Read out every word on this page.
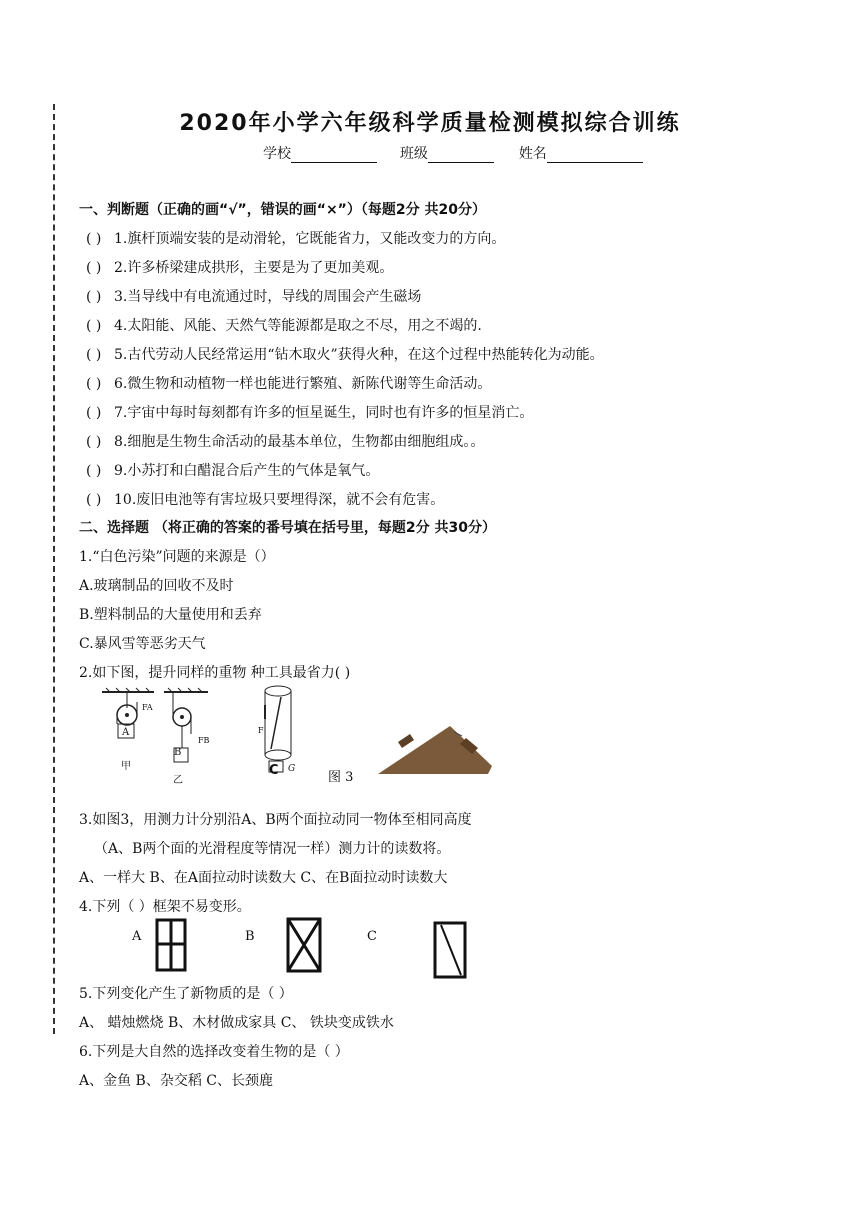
2020年小学六年级科学质量检测模拟综合训练
学校	班级	姓名
一、判断题（正确的画“√”，错误的画“×”）（每题2分 共20分）
( ) 1.旗杆顶端安装的是动滑轮，它既能省力，又能改变力的方向。
( ) 2.许多桥梁建成拱形，主要是为了更加美观。
( ) 3.当导线中有电流通过时，导线的周围会产生磁场
( ) 4.太阳能、风能、天然气等能源都是取之不尽，用之不竭的.
( ) 5.古代劳动人民经常运用“钻木取火”获得火种，在这个过程中热能转化为动能。
( ) 6.微生物和动植物一样也能进行繁殖、新陈代谢等生命活动。
( ) 7.宇宙中每时每刻都有许多的恒星诞生，同时也有许多的恒星消亡。
( ) 8.细胞是生物生命活动的最基本单位，生物都由细胞组成。。
( ) 9.小苏打和白醋混合后产生的气体是氧气。
( ) 10.废旧电池等有害垃圾只要埋得深，就不会有危害。
二、选择题 （将正确的答案的番号填在括号里，每题2分 共30分）
1.“白色污染”问题的来源是（）
A.玻璃制品的回收不及时
B.塑料制品的大量使用和丢弃
C.暴风雪等恶劣天气
2.如下图，提升同样的重物 种工具最省力( )
A
甲
FA
B
乙
FB
C
F
G
图 3
3.如图3，用测力计分别沿A、B两个面拉动同一物体至相同高度
（A、B两个面的光滑程度等情况一样）测力计的读数将。
A、一样大 B、在A面拉动时读数大 C、在B面拉动时读数大
4.下列（ ）框架不易变形。
A	B	C
5.下列变化产生了新物质的是（ ）
A、 蜡烛燃烧 B、木材做成家具 C、 铁块变成铁水
6.下列是大自然的选择改变着生物的是（ ）
A、金鱼 B、杂交稻 C、长颈鹿
